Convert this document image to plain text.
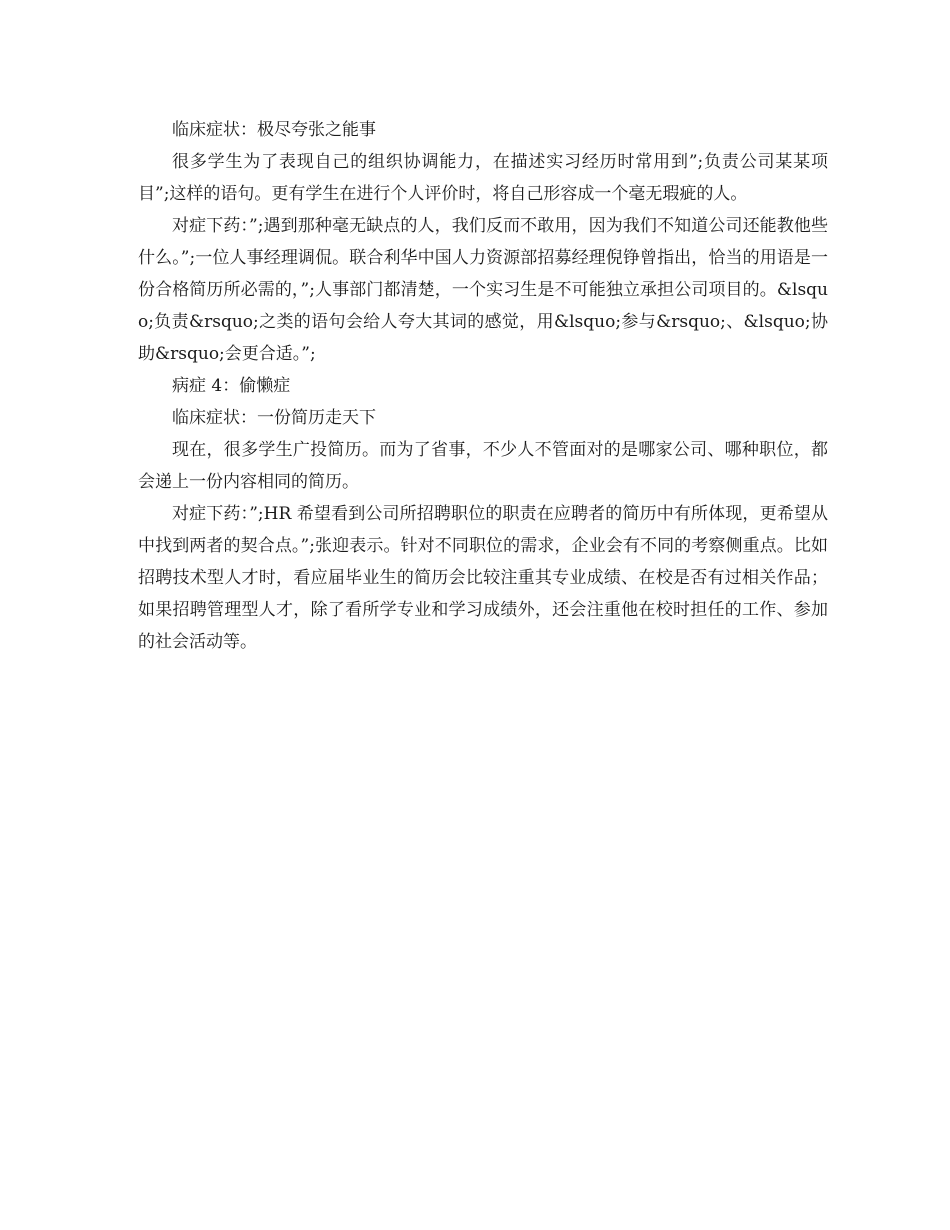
临床症状：极尽夸张之能事

很多学生为了表现自己的组织协调能力，在描述实习经历时常用到”;负责公司某某项目”;这样的语句。更有学生在进行个人评价时，将自己形容成一个毫无瑕疵的人。

对症下药：”;遇到那种毫无缺点的人，我们反而不敢用，因为我们不知道公司还能教他些什么。”;一位人事经理调侃。联合利华中国人力资源部招募经理倪铮曾指出，恰当的用语是一份合格简历所必需的，”;人事部门都清楚，一个实习生是不可能独立承担公司项目的。&lsquo;负责&rsquo;之类的语句会给人夸大其词的感觉，用&lsquo;参与&rsquo;、&lsquo;协助&rsquo;会更合适。”;

病症 4：偷懒症

临床症状：一份简历走天下

现在，很多学生广投简历。而为了省事，不少人不管面对的是哪家公司、哪种职位，都会递上一份内容相同的简历。

对症下药：”;HR 希望看到公司所招聘职位的职责在应聘者的简历中有所体现，更希望从中找到两者的契合点。”;张迎表示。针对不同职位的需求，企业会有不同的考察侧重点。比如招聘技术型人才时，看应届毕业生的简历会比较注重其专业成绩、在校是否有过相关作品；如果招聘管理型人才，除了看所学专业和学习成绩外，还会注重他在校时担任的工作、参加的社会活动等。
